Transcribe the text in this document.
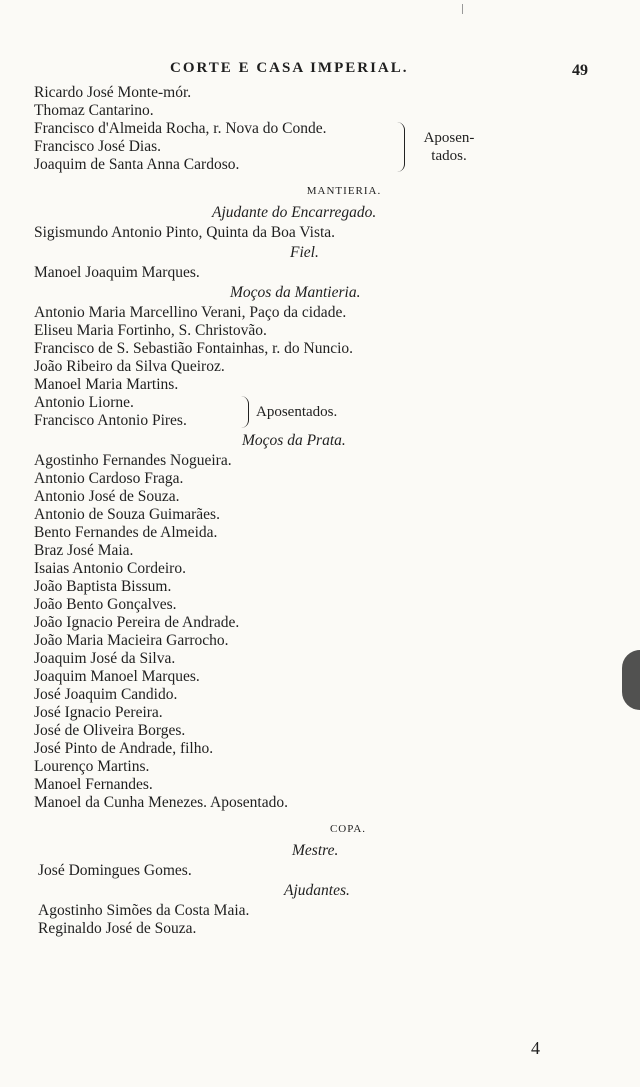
CORTE E CASA IMPERIAL.	49
Ricardo José Monte-mór.
Thomaz Cantarino.
Francisco d'Almeida Rocha, r. Nova do Conde.
Francisco José Dias.
Joaquim de Santa Anna Cardoso.
Aposen-
tados.
MANTIERIA.
Ajudante do Encarregado.
Sigismundo Antonio Pinto, Quinta da Boa Vista.
Fiel.
Manoel Joaquim Marques.
Moços da Mantieria.
Antonio Maria Marcellino Verani, Paço da cidade.
Eliseu Maria Fortinho, S. Christovão.
Francisco de S. Sebastião Fontainhas, r. do Nuncio.
João Ribeiro da Silva Queiroz.
Manoel Maria Martins.
Antonio Liorne.
Francisco Antonio Pires.	Aposentados.
Moços da Prata.
Agostinho Fernandes Nogueira.
Antonio Cardoso Fraga.
Antonio José de Souza.
Antonio de Souza Guimarães.
Bento Fernandes de Almeida.
Braz José Maia.
Isaias Antonio Cordeiro.
João Baptista Bissum.
João Bento Gonçalves.
João Ignacio Pereira de Andrade.
João Maria Macieira Garrocho.
Joaquim José da Silva.
Joaquim Manoel Marques.
José Joaquim Candido.
José Ignacio Pereira.
José de Oliveira Borges.
José Pinto de Andrade, filho.
Lourenço Martins.
Manoel Fernandes.
Manoel da Cunha Menezes. Aposentado.
COPA.
Mestre.
José Domingues Gomes.
Ajudantes.
Agostinho Simões da Costa Maia.
Reginaldo José de Souza.
4
